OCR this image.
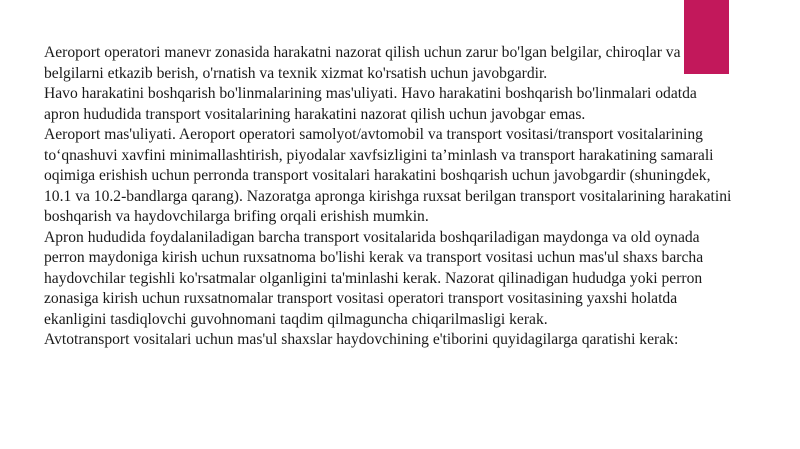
Aeroport operatori manevr zonasida harakatni nazorat qilish uchun zarur bo'lgan belgilar, chiroqlar va belgilarni etkazib berish, o'rnatish va texnik xizmat ko'rsatish uchun javobgardir.

Havo harakatini boshqarish bo'linmalarining mas'uliyati. Havo harakatini boshqarish bo'linmalari odatda apron hududida transport vositalarining harakatini nazorat qilish uchun javobgar emas.

Aeroport mas'uliyati. Aeroport operatori samolyot/avtomobil va transport vositasi/transport vositalarining to‘qnashuvi xavfini minimallashtirish, piyodalar xavfsizligini ta’minlash va transport harakatining samarali oqimiga erishish uchun perronda transport vositalari harakatini boshqarish uchun javobgardir (shuningdek, 10.1 va 10.2-bandlarga qarang). Nazoratga apronga kirishga ruxsat berilgan transport vositalarining harakatini boshqarish va haydovchilarga brifing orqali erishish mumkin.

Apron hududida foydalaniladigan barcha transport vositalarida boshqariladigan maydonga va old oynada perron maydoniga kirish uchun ruxsatnoma bo'lishi kerak va transport vositasi uchun mas'ul shaxs barcha haydovchilar tegishli ko'rsatmalar olganligini ta'minlashi kerak. Nazorat qilinadigan hududga yoki perron zonasiga kirish uchun ruxsatnomalar transport vositasi operatori transport vositasining yaxshi holatda ekanligini tasdiqlovchi guvohnomani taqdim qilmaguncha chiqarilmasligi kerak.

Avtotransport vositalari uchun mas'ul shaxslar haydovchining e'tiborini quyidagilarga qaratishi kerak:
